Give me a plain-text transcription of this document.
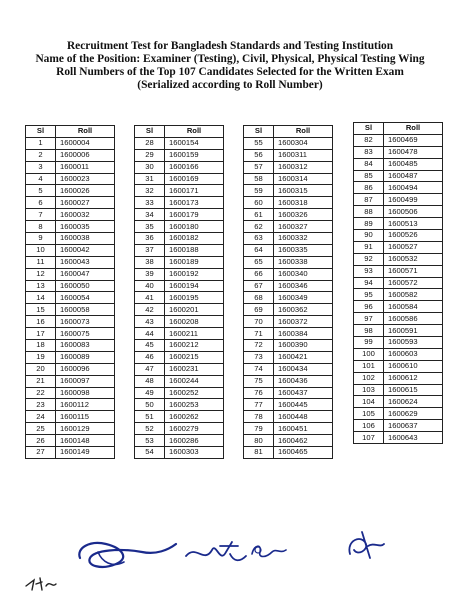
Recruitment Test for Bangladesh Standards and Testing Institution
Name of the Position: Examiner (Testing), Civil, Physical, Physical Testing Wing
Roll Numbers of the Top 107 Candidates Selected for the Written Exam
(Serialized according to Roll Number)
Sl	Roll
1	1600004
2	1600006
3	1600011
4	1600023
5	1600026
6	1600027
7	1600032
8	1600035
9	1600038
10	1600042
11	1600043
12	1600047
13	1600050
14	1600054
15	1600058
16	1600073
17	1600075
18	1600083
19	1600089
20	1600096
21	1600097
22	1600098
23	1600112
24	1600115
25	1600129
26	1600148
27	1600149
Sl	Roll
28	1600154
29	1600159
30	1600166
31	1600169
32	1600171
33	1600173
34	1600179
35	1600180
36	1600182
37	1600188
38	1600189
39	1600192
40	1600194
41	1600195
42	1600201
43	1600208
44	1600211
45	1600212
46	1600215
47	1600231
48	1600244
49	1600252
50	1600253
51	1600262
52	1600279
53	1600286
54	1600303
Sl	Roll
55	1600304
56	1600311
57	1600312
58	1600314
59	1600315
60	1600318
61	1600326
62	1600327
63	1600332
64	1600335
65	1600338
66	1600340
67	1600346
68	1600349
69	1600362
70	1600372
71	1600384
72	1600390
73	1600421
74	1600434
75	1600436
76	1600437
77	1600445
78	1600448
79	1600451
80	1600462
81	1600465
Sl	Roll
82	1600469
83	1600478
84	1600485
85	1600487
86	1600494
87	1600499
88	1600506
89	1600513
90	1600526
91	1600527
92	1600532
93	1600571
94	1600572
95	1600582
96	1600584
97	1600586
98	1600591
99	1600593
100	1600603
101	1600610
102	1600612
103	1600615
104	1600624
105	1600629
106	1600637
107	1600643
